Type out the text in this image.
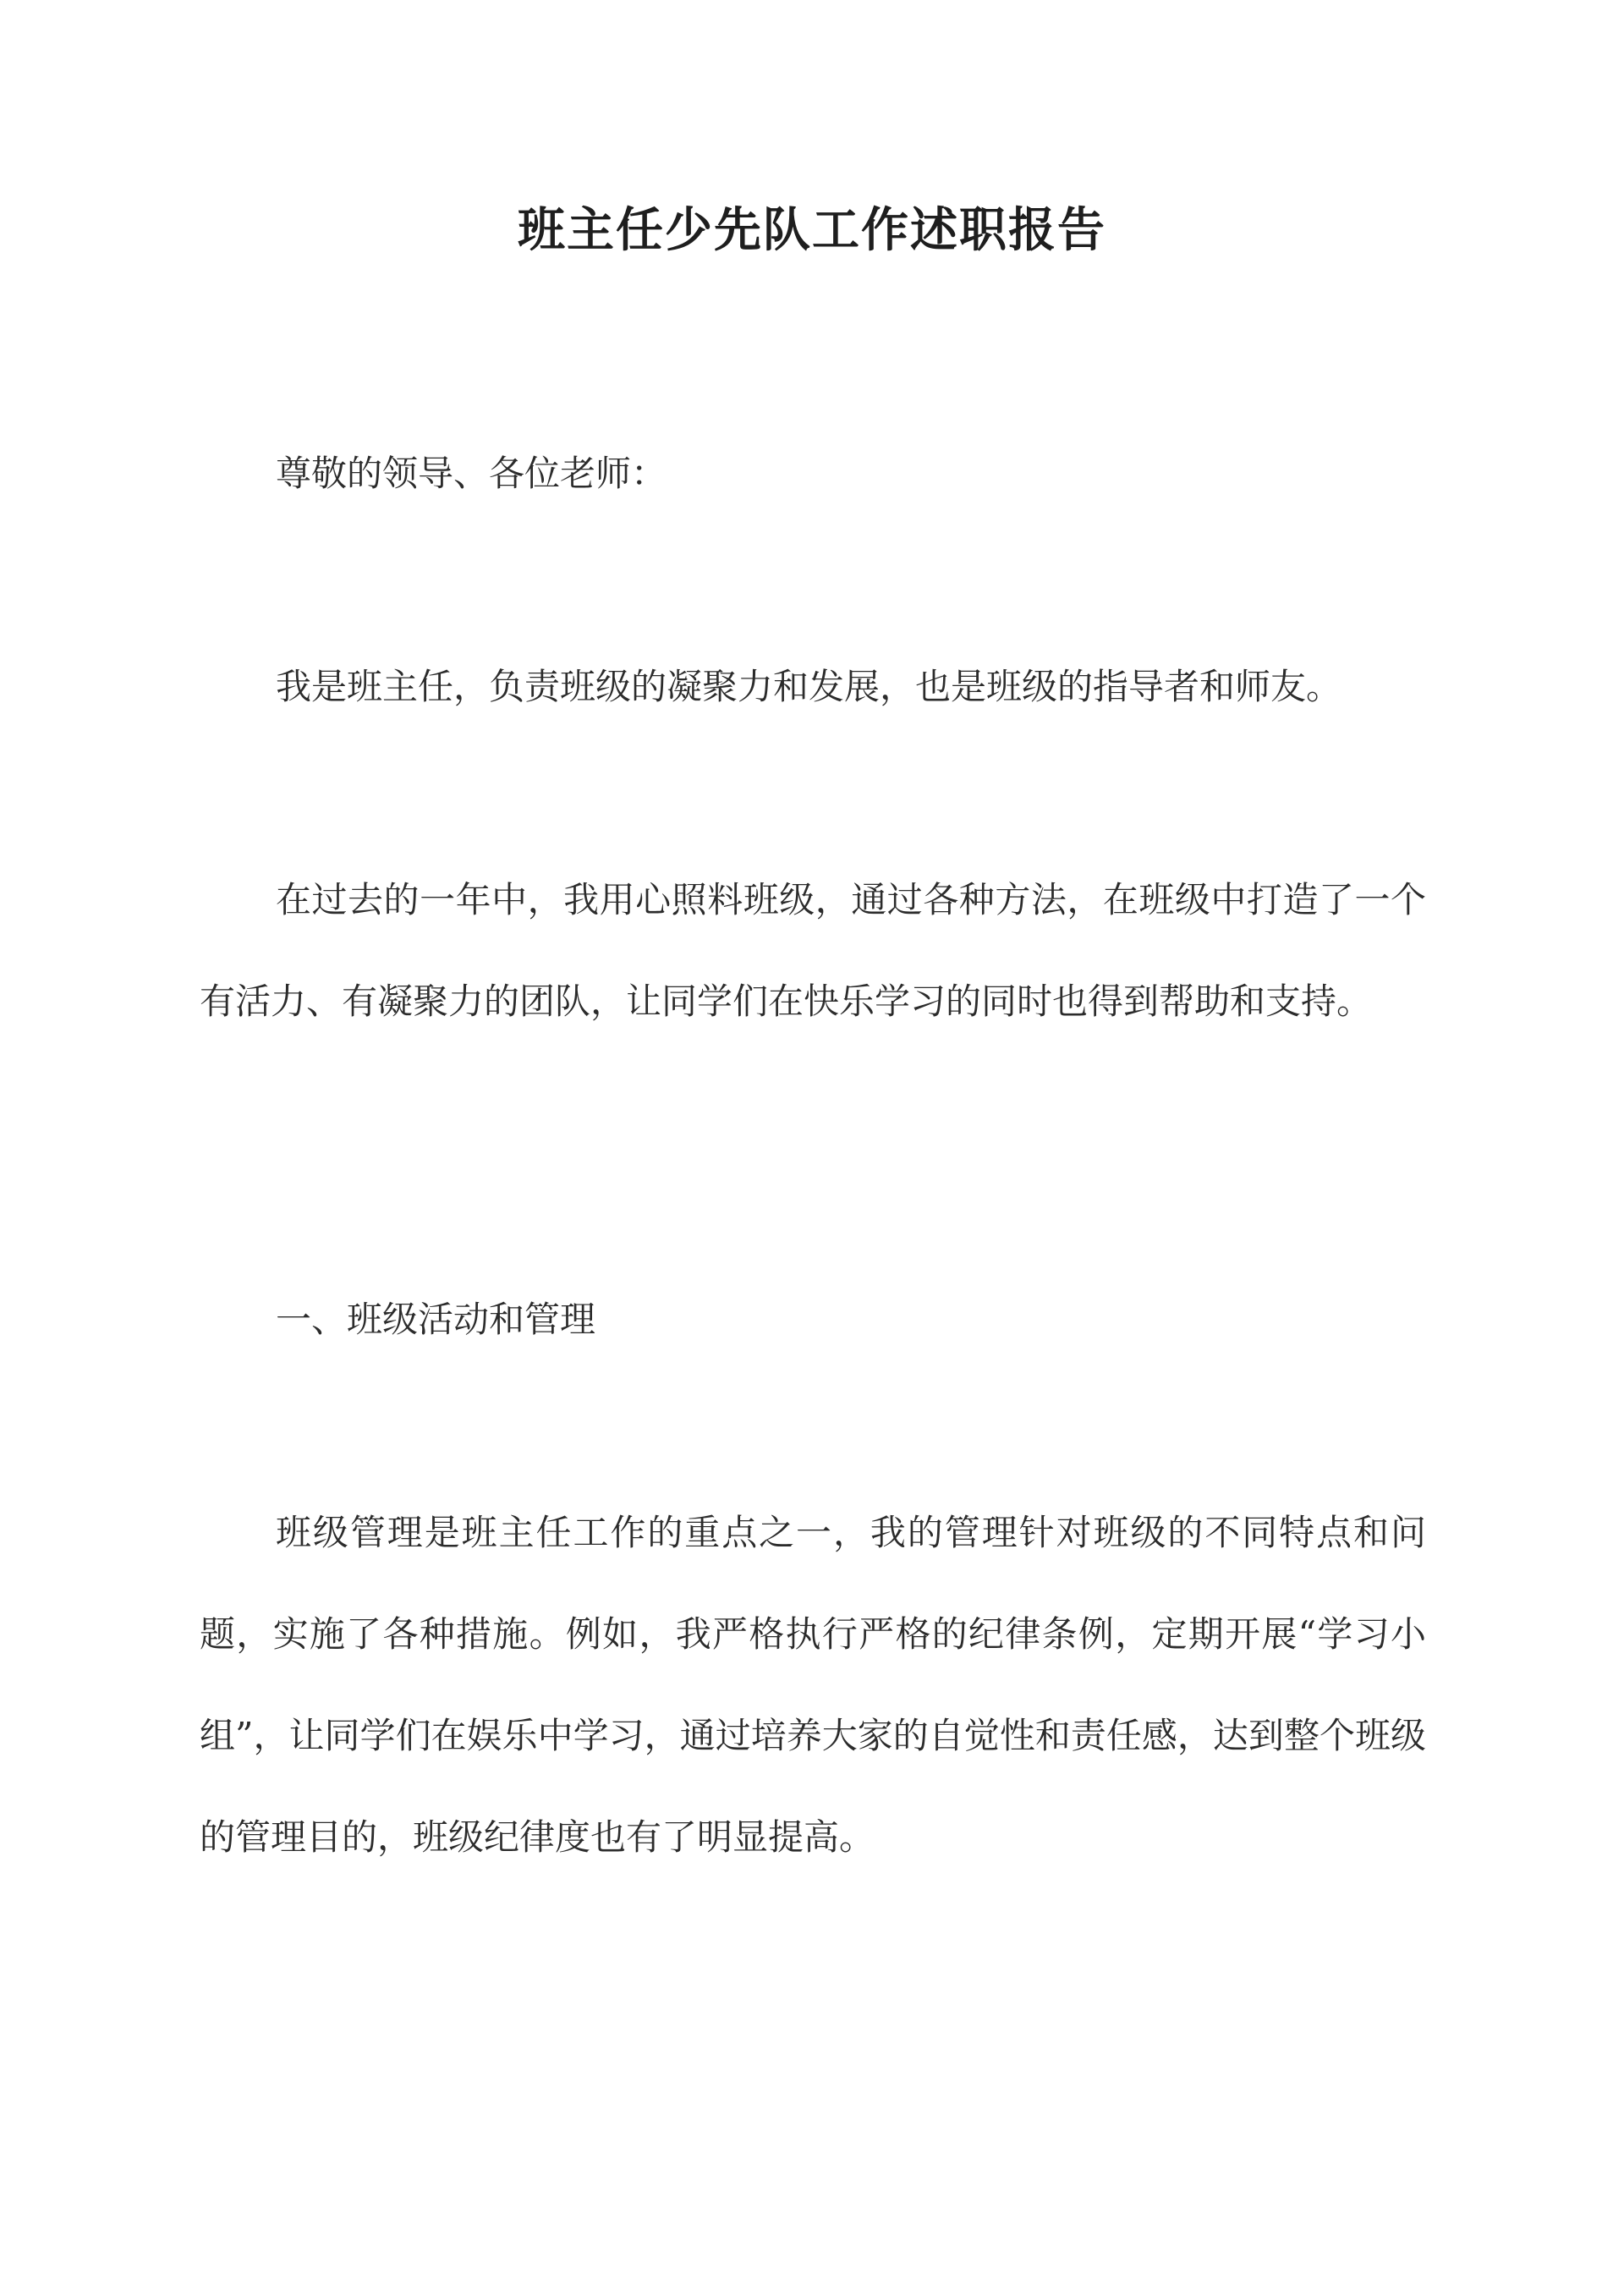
班主任少先队工作述职报告

尊敬的领导、各位老师：

我是班主任，负责班级的凝聚力和发展，也是班级的指导者和师友。

在过去的一年中，我用心照料班级，通过各种方法，在班级中打造了一个有活力、有凝聚力的团队，让同学们在快乐学习的同时也得到帮助和支持。

一、班级活动和管理

班级管理是班主任工作的重点之一，我的管理针对班级的不同特点和问题，实施了各种措施。例如，我严格执行严格的纪律条例，定期开展“学习小组”，让同学们在娱乐中学习，通过培养大家的自觉性和责任感，达到整个班级的管理目的，班级纪律度也有了明显提高。
